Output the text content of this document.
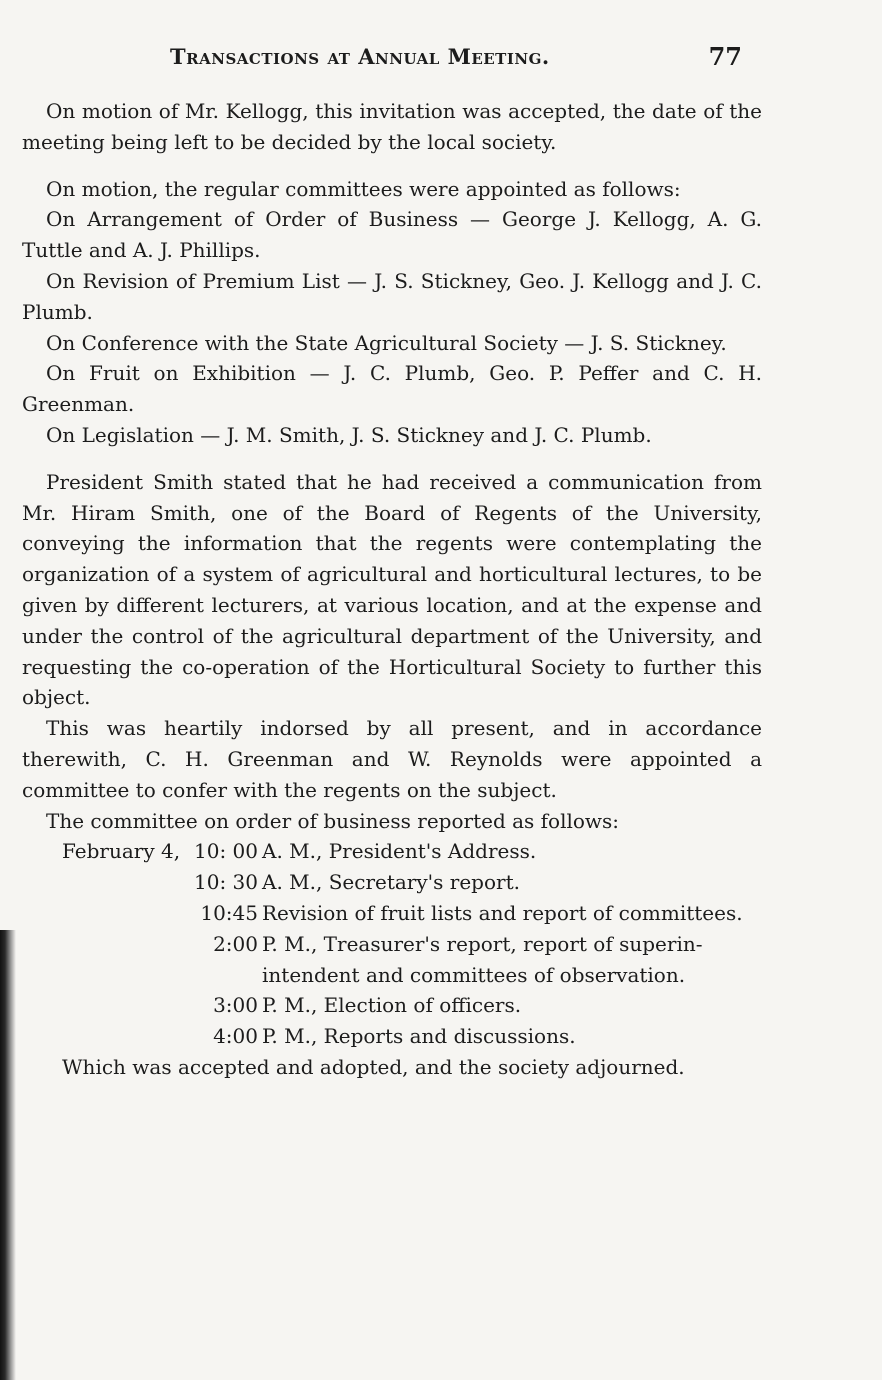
Transactions at Annual Meeting.	77

On motion of Mr. Kellogg, this invitation was accepted, the date of the meeting being left to be decided by the local society.

On motion, the regular committees were appointed as follows:

On Arrangement of Order of Business — George J. Kellogg, A. G. Tuttle and A. J. Phillips.

On Revision of Premium List — J. S. Stickney, Geo. J. Kellogg and J. C. Plumb.

On Conference with the State Agricultural Society — J. S. Stickney.

On Fruit on Exhibition — J. C. Plumb, Geo. P. Peffer and C. H. Greenman.

On Legislation — J. M. Smith, J. S. Stickney and J. C. Plumb.

President Smith stated that he had received a communication from Mr. Hiram Smith, one of the Board of Regents of the University, conveying the information that the regents were contemplating the organization of a system of agricultural and horticultural lectures, to be given by different lecturers, at various location, and at the expense and under the control of the agricultural department of the University, and requesting the co-operation of the Horticultural Society to further this object.

This was heartily indorsed by all present, and in accordance therewith, C. H. Greenman and W. Reynolds were appointed a committee to confer with the regents on the subject.

The committee on order of business reported as follows:

February 4, 10: 00 A. M., President's Address.
10: 30 A. M., Secretary's report.
10:45 Revision of fruit lists and report of committees.
2:00 P. M., Treasurer's report, report of superin-
intendent and committees of observation.
3:00 P. M., Election of officers.
4:00 P. M., Reports and discussions.

Which was accepted and adopted, and the society adjourned.
